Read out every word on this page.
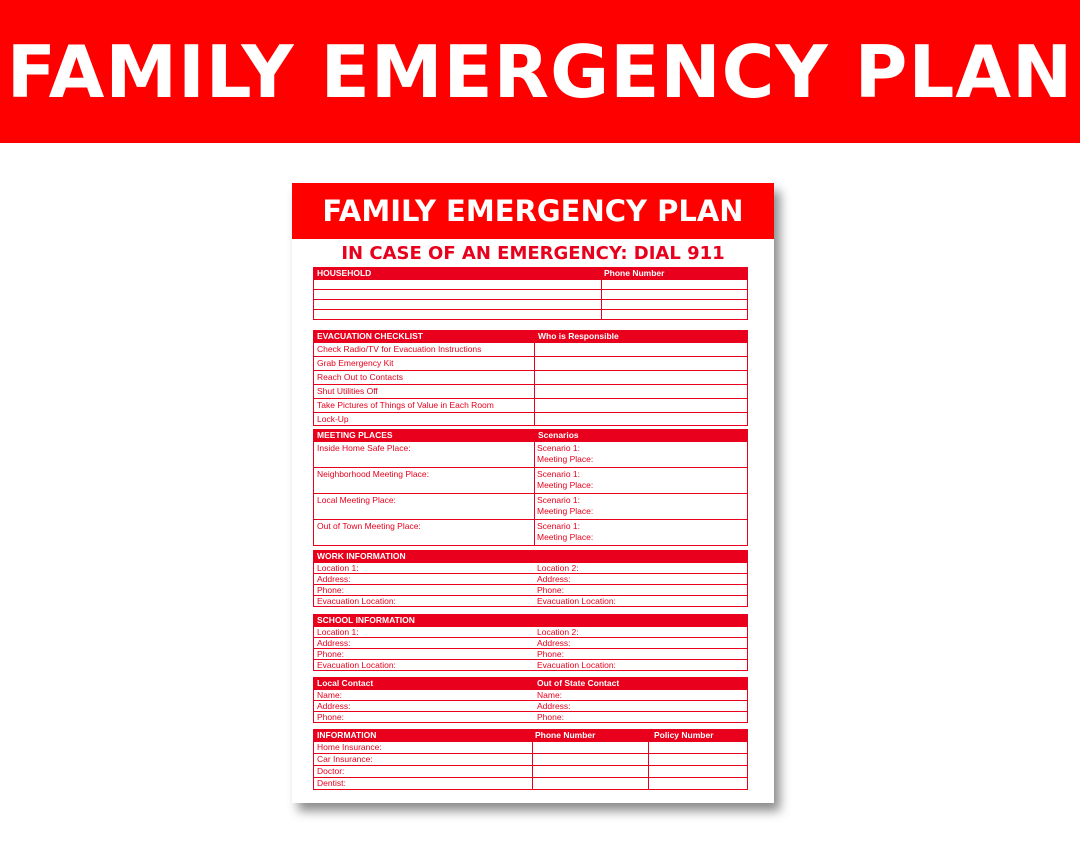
FAMILY EMERGENCY PLAN
FAMILY EMERGENCY PLAN
IN CASE OF AN EMERGENCY: DIAL 911
HOUSEHOLD	Phone Number
EVACUATION CHECKLIST	Who is Responsible
Check Radio/TV for Evacuation Instructions
Grab Emergency Kit
Reach Out to Contacts
Shut Utilities Off
Take Pictures of Things of Value in Each Room
Lock-Up
MEETING PLACES	Scenarios
Inside Home Safe Place:	Scenario 1:
Meeting Place:
Neighborhood Meeting Place:	Scenario 1:
Meeting Place:
Local Meeting Place:	Scenario 1:
Meeting Place:
Out of Town Meeting Place:	Scenario 1:
Meeting Place:
WORK INFORMATION
Location 1:	Location 2:
Address:	Address:
Phone:	Phone:
Evacuation Location:	Evacuation Location:
SCHOOL INFORMATION
Location 1:	Location 2:
Address:	Address:
Phone:	Phone:
Evacuation Location:	Evacuation Location:
Local Contact	Out of State Contact
Name:	Name:
Address:	Address:
Phone:	Phone:
INFORMATION	Phone Number	Policy Number
Home Insurance:
Car Insurance:
Doctor:
Dentist:
